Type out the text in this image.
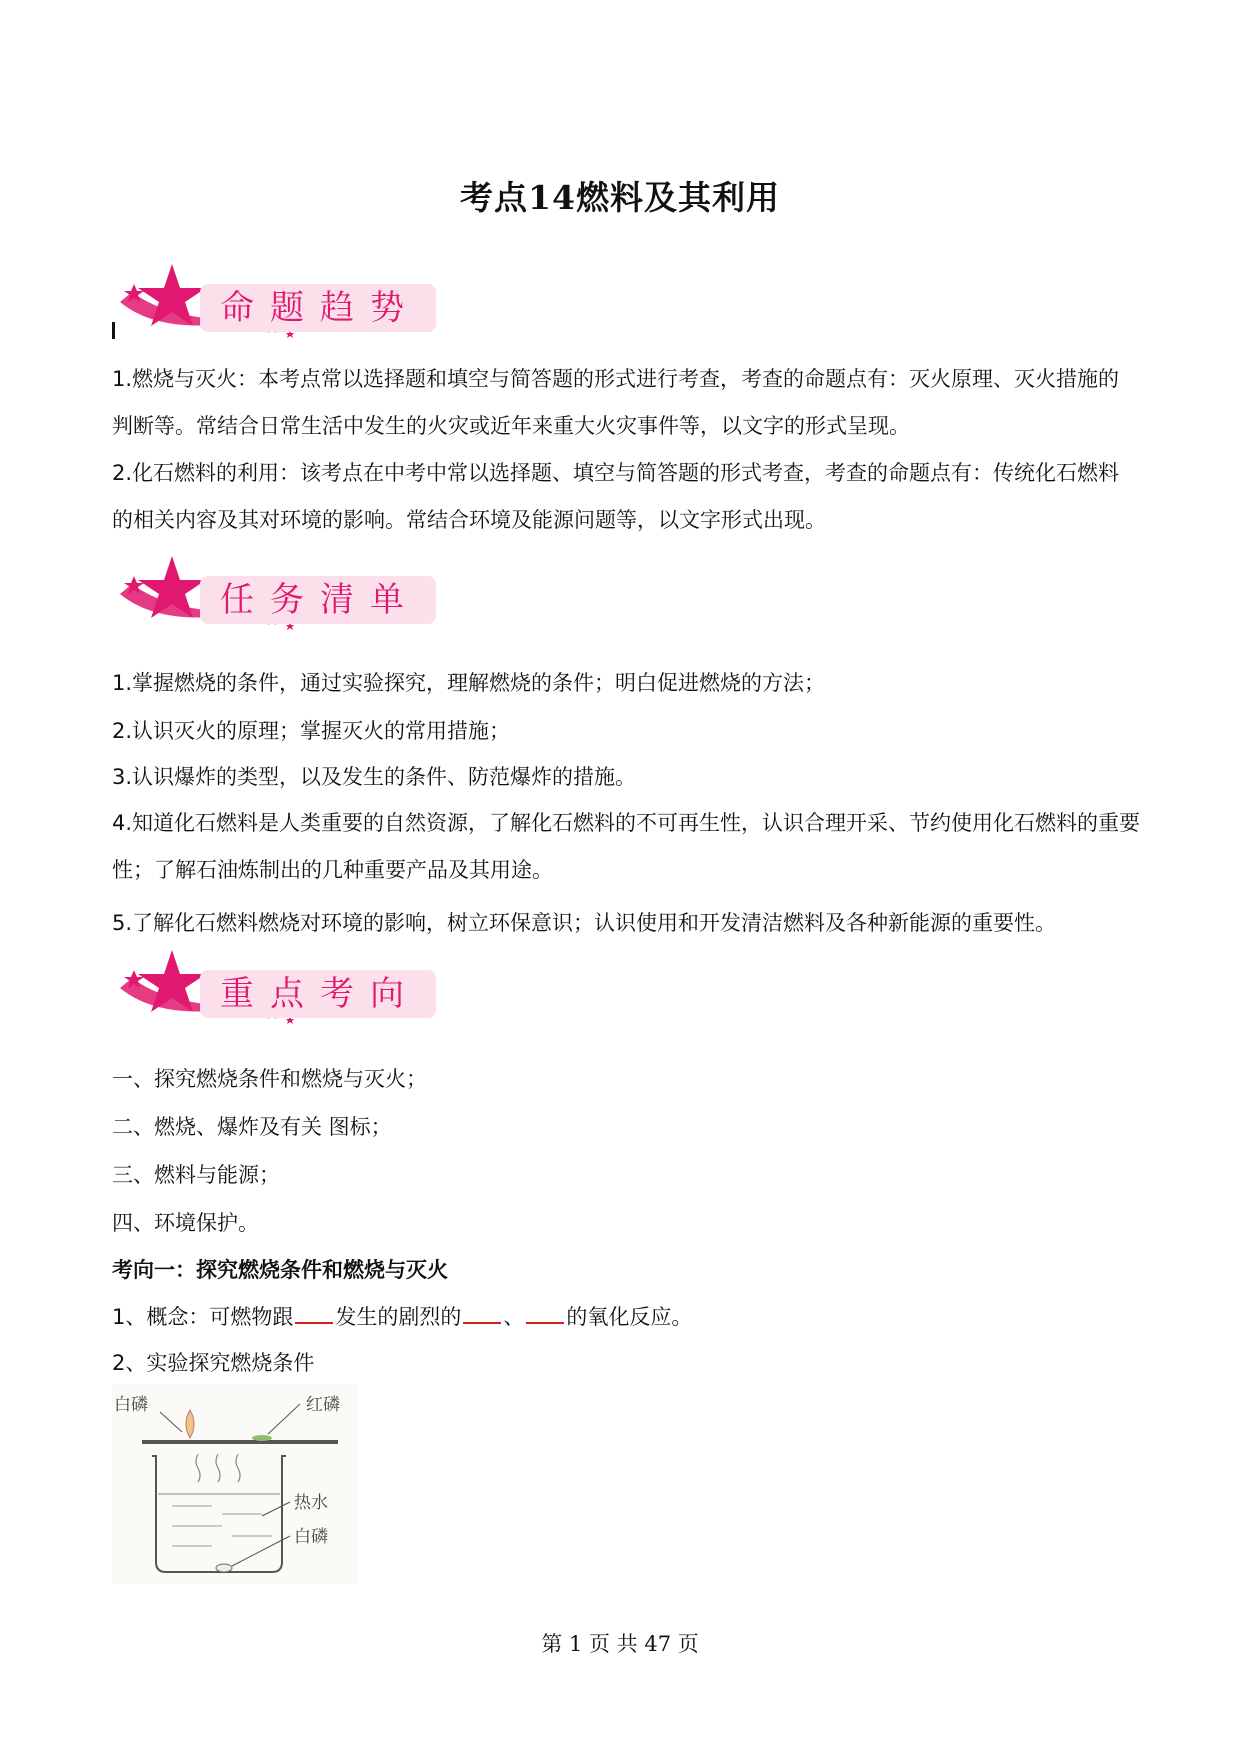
考点14燃料及其利用
命题趋势
1.燃烧与灭火：本考点常以选择题和填空与简答题的形式进行考查，考查的命题点有：灭火原理、灭火措施的判断等。常结合日常生活中发生的火灾或近年来重大火灾事件等，以文字的形式呈现。
2.化石燃料的利用：该考点在中考中常以选择题、填空与简答题的形式考查，考查的命题点有：传统化石燃料的相关内容及其对环境的影响。常结合环境及能源问题等，以文字形式出现。
任务清单
1.掌握燃烧的条件，通过实验探究，理解燃烧的条件；明白促进燃烧的方法；
2.认识灭火的原理；掌握灭火的常用措施；
3.认识爆炸的类型，以及发生的条件、防范爆炸的措施。
4.知道化石燃料是人类重要的自然资源，了解化石燃料的不可再生性，认识合理开采、节约使用化石燃料的重要性；了解石油炼制出的几种重要产品及其用途。
5.了解化石燃料燃烧对环境的影响，树立环保意识；认识使用和开发清洁燃料及各种新能源的重要性。
重点考向
一、探究燃烧条件和燃烧与灭火；
二、燃烧、爆炸及有关 图标；
三、燃料与能源；
四、环境保护。
考向一：探究燃烧条件和燃烧与灭火
1、概念：可燃物跟 发生的剧烈的 、 的氧化反应。
2、实验探究燃烧条件
白磷	红磷
热水
白磷
第 1 页 共 47 页
